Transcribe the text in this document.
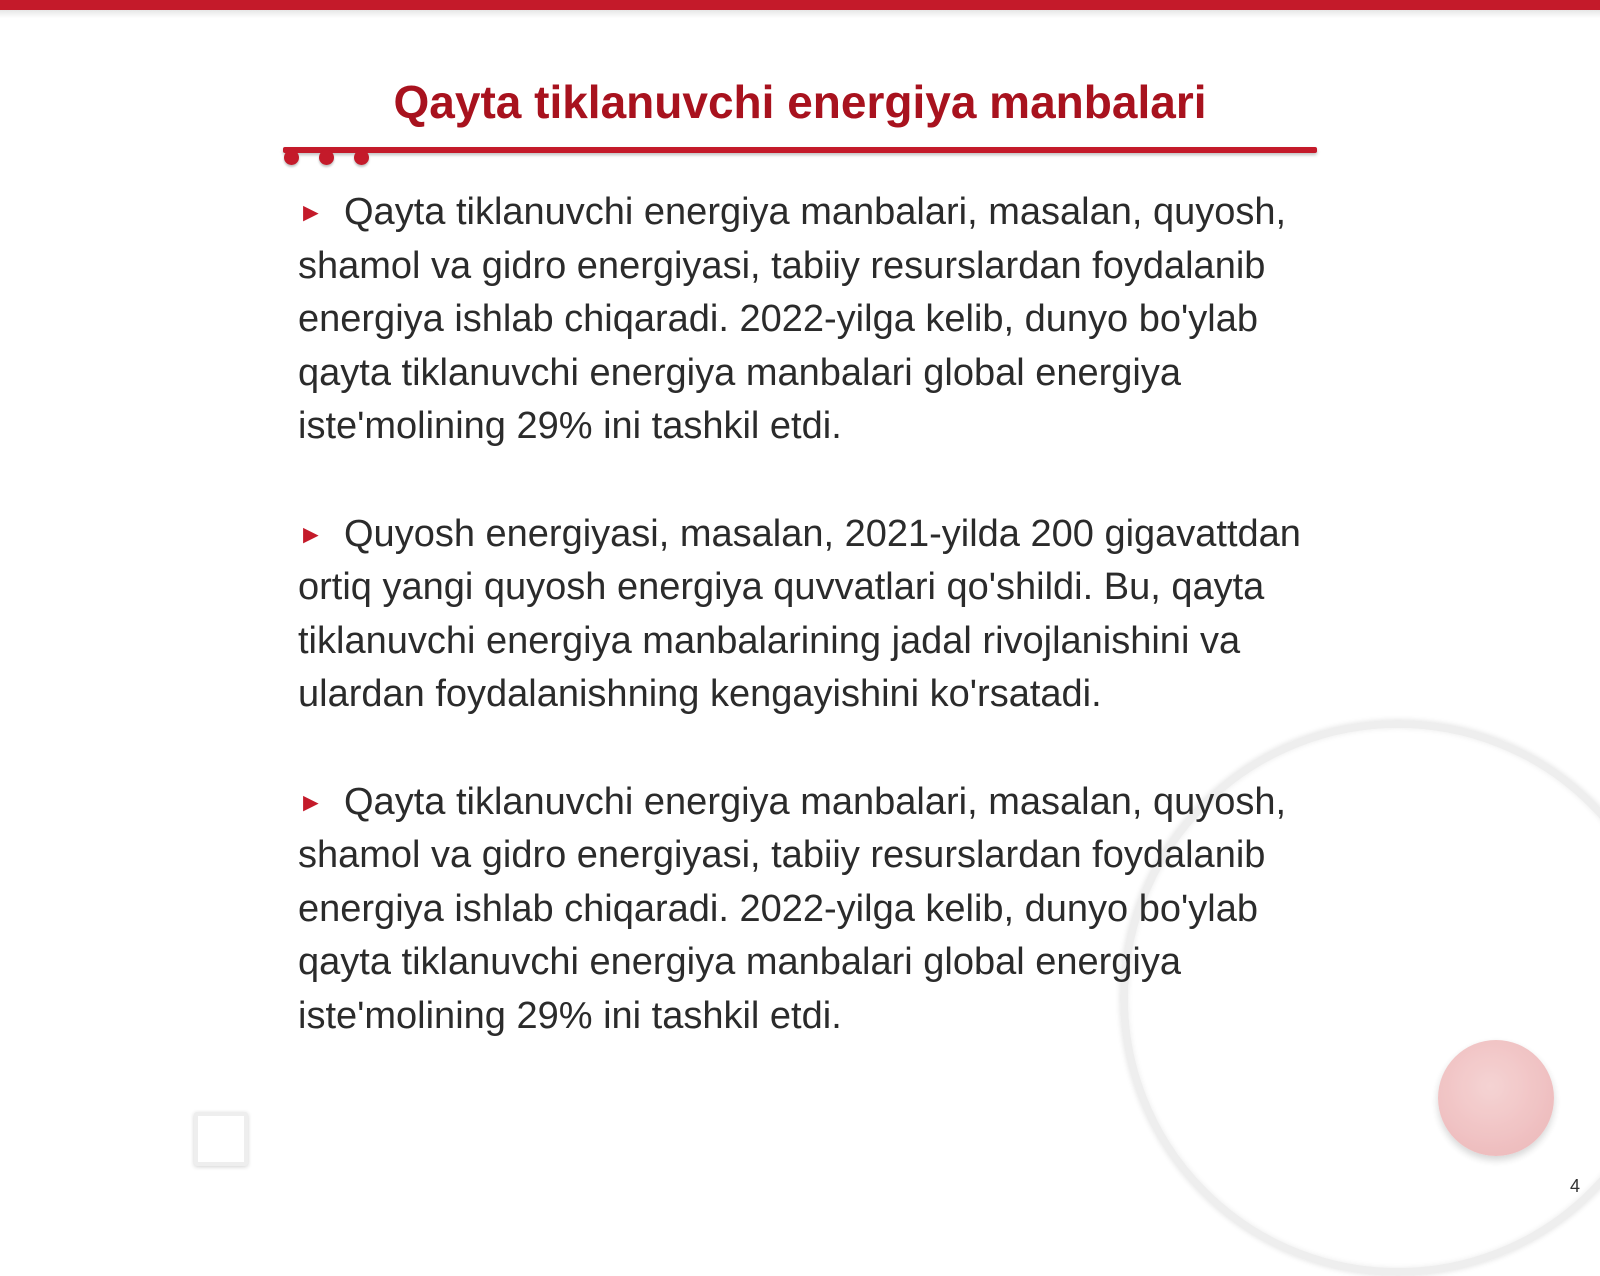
Qayta tiklanuvchi energiya manbalari

► Qayta tiklanuvchi energiya manbalari, masalan, quyosh, shamol va gidro energiyasi, tabiiy resurslardan foydalanib energiya ishlab chiqaradi. 2022-yilga kelib, dunyo bo'ylab qayta tiklanuvchi energiya manbalari global energiya iste'molining 29% ini tashkil etdi.

► Quyosh energiyasi, masalan, 2021-yilda 200 gigavattdan ortiq yangi quyosh energiya quvvatlari qo'shildi. Bu, qayta tiklanuvchi energiya manbalarining jadal rivojlanishini va ulardan foydalanishning kengayishini ko'rsatadi.

► Qayta tiklanuvchi energiya manbalari, masalan, quyosh, shamol va gidro energiyasi, tabiiy resurslardan foydalanib energiya ishlab chiqaradi. 2022-yilga kelib, dunyo bo'ylab qayta tiklanuvchi energiya manbalari global energiya iste'molining 29% ini tashkil etdi.

4
